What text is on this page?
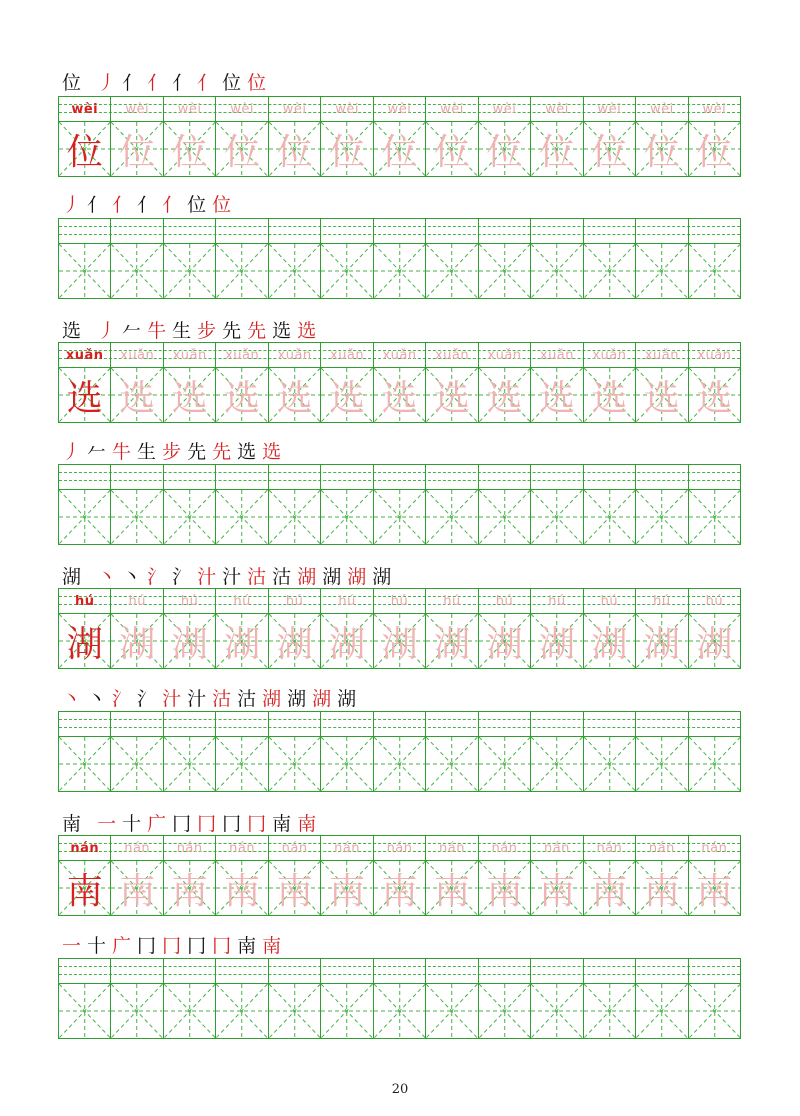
位 丿 亻 亻 亻 亻 位 位
wèi	wèi	wèi	wèi	wèi	wèi	wèi	wèi	wèi	wèi	wèi	wèi	wèi
位 位 位 位 位 位 位 位 位 位 位 位 位
丿 亻 亻 亻 亻 位 位
选 丿 𠂉 牛 生 步 先 先 选 选
xuǎn	xuǎn	xuǎn	xuǎn	xuǎn	xuǎn	xuǎn	xuǎn	xuǎn	xuǎn	xuǎn	xuǎn	xuǎn
选 选 选 选 选 选 选 选 选 选 选 选 选
丿 𠂉 牛 生 步 先 先 选 选
湖 丶 丶 氵 氵 汁 汁 沽 沽 湖 湖 湖 湖
hú	hú	hú	hú	hú	hú	hú	hú	hú	hú	hú	hú	hú
湖 湖 湖 湖 湖 湖 湖 湖 湖 湖 湖 湖 湖
丶 丶 氵 氵 汁 汁 沽 沽 湖 湖 湖 湖
南 一 十 广 冂 冂 冂 冂 南 南
nán	nán	nán	nán	nán	nán	nán	nán	nán	nán	nán	nán	nán
南 南 南 南 南 南 南 南 南 南 南 南 南
一 十 广 冂 冂 冂 冂 南 南
20
